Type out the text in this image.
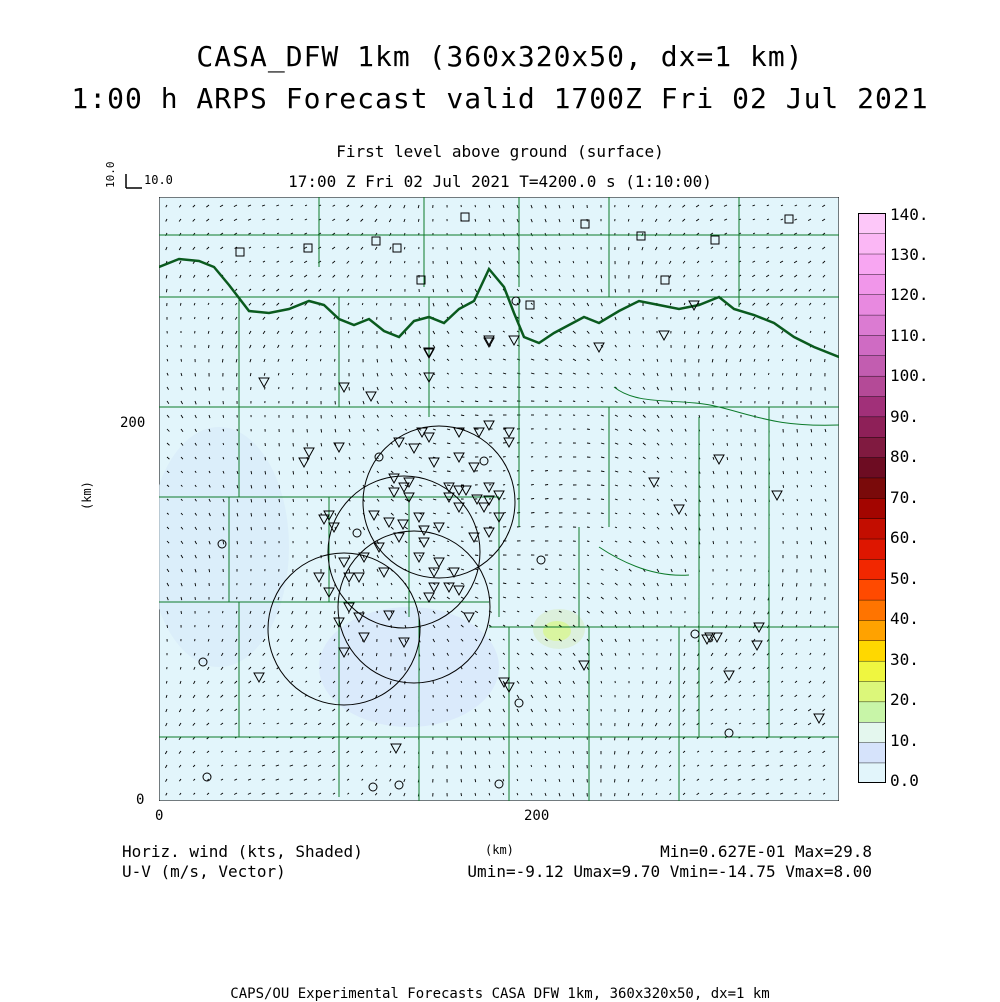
CASA_DFW 1km (360x320x50, dx=1 km)
1:00 h ARPS Forecast valid 1700Z Fri 02 Jul 2021
First level above ground (surface)
17:00 Z Fri 02 Jul 2021 T=4200.0 s (1:10:00)
10.0 10.0
200
0
(km)
0	200
(km)
0.0
10.
20.
30.
40.
50.
60.
70.
80.
90.
100.
110.
120.
130.
140.
Horiz. wind (kts, Shaded)
U-V (m/s, Vector)
Min=0.627E-01 Max=29.8
Umin=-9.12 Umax=9.70 Vmin=-14.75 Vmax=8.00
CAPS/OU Experimental Forecasts CASA DFW 1km, 360x320x50, dx=1 km
